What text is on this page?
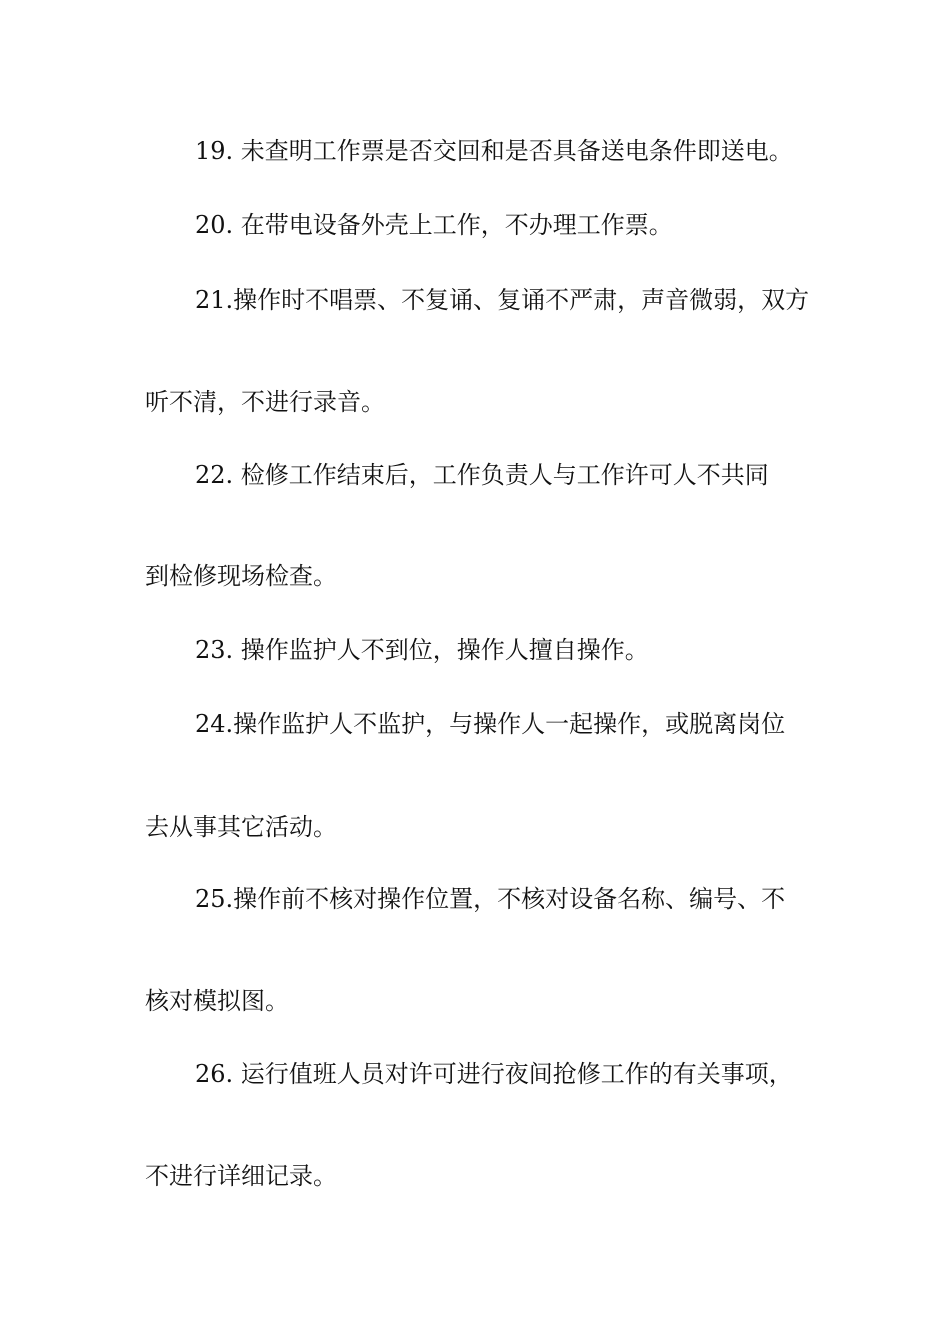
19. 未查明工作票是否交回和是否具备送电条件即送电。
20. 在带电设备外壳上工作，不办理工作票。
21.操作时不唱票、不复诵、复诵不严肃，声音微弱，双方
听不清，不进行录音。
22. 检修工作结束后，工作负责人与工作许可人不共同
到检修现场检查。
23. 操作监护人不到位，操作人擅自操作。
24.操作监护人不监护，与操作人一起操作，或脱离岗位
去从事其它活动。
25.操作前不核对操作位置，不核对设备名称、编号、不
核对模拟图。
26. 运行值班人员对许可进行夜间抢修工作的有关事项，
不进行详细记录。
